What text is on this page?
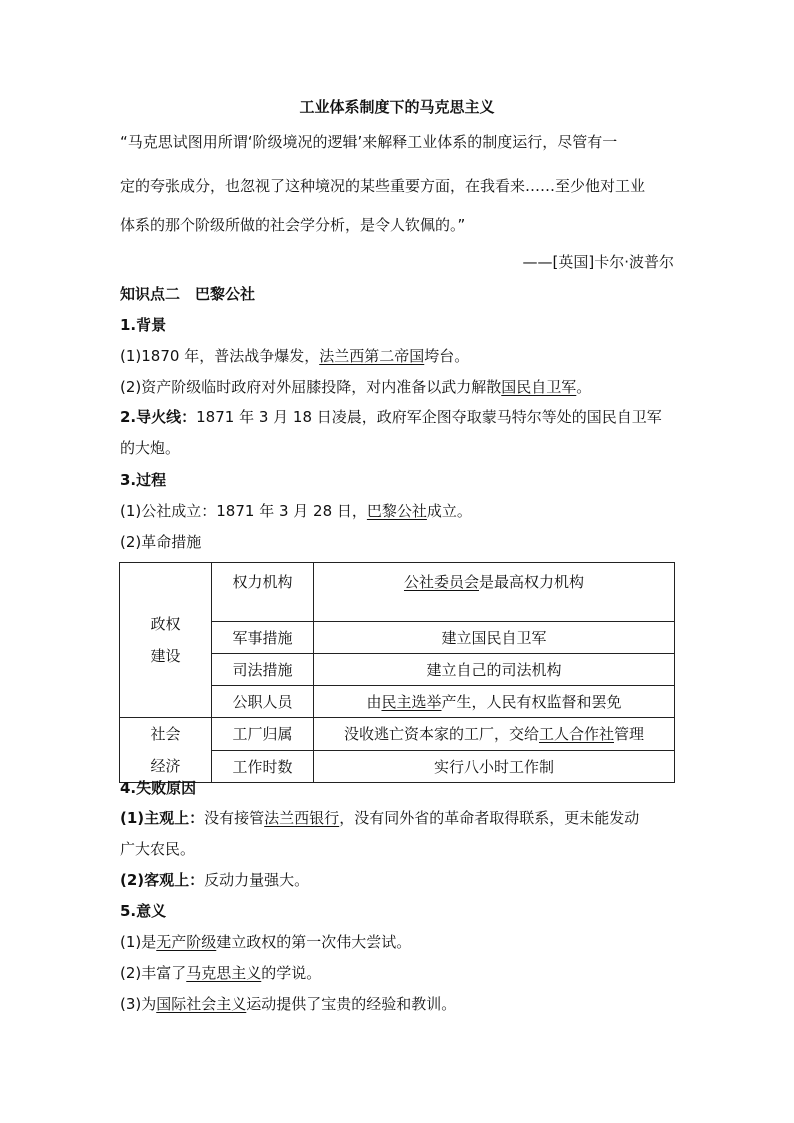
工业体系制度下的马克思主义
“马克思试图用所谓‘阶级境况的逻辑’来解释工业体系的制度运行，尽管有一
定的夸张成分，也忽视了这种境况的某些重要方面，在我看来……至少他对工业
体系的那个阶级所做的社会学分析，是令人钦佩的。”
——[英国]卡尔·波普尔
知识点二　巴黎公社
1.背景
(1)1870 年，普法战争爆发，法兰西第二帝国垮台。
(2)资产阶级临时政府对外屈膝投降，对内准备以武力解散国民自卫军。
2.导火线：1871 年 3 月 18 日凌晨，政府军企图夺取蒙马特尔等处的国民自卫军
的大炮。
3.过程
(1)公社成立：1871 年 3 月 28 日，巴黎公社成立。
(2)革命措施
政权
建设	权力机构	公社委员会是最高权力机构
	军事措施	建立国民自卫军
	司法措施	建立自己的司法机构
	公职人员	由民主选举产生，人民有权监督和罢免

社会
经济	工厂归属	没收逃亡资本家的工厂，交给工人合作社管理
	工作时数	实行八小时工作制
4.失败原因
(1)主观上：没有接管法兰西银行，没有同外省的革命者取得联系，更未能发动
广大农民。
(2)客观上：反动力量强大。
5.意义
(1)是无产阶级建立政权的第一次伟大尝试。
(2)丰富了马克思主义的学说。
(3)为国际社会主义运动提供了宝贵的经验和教训。
